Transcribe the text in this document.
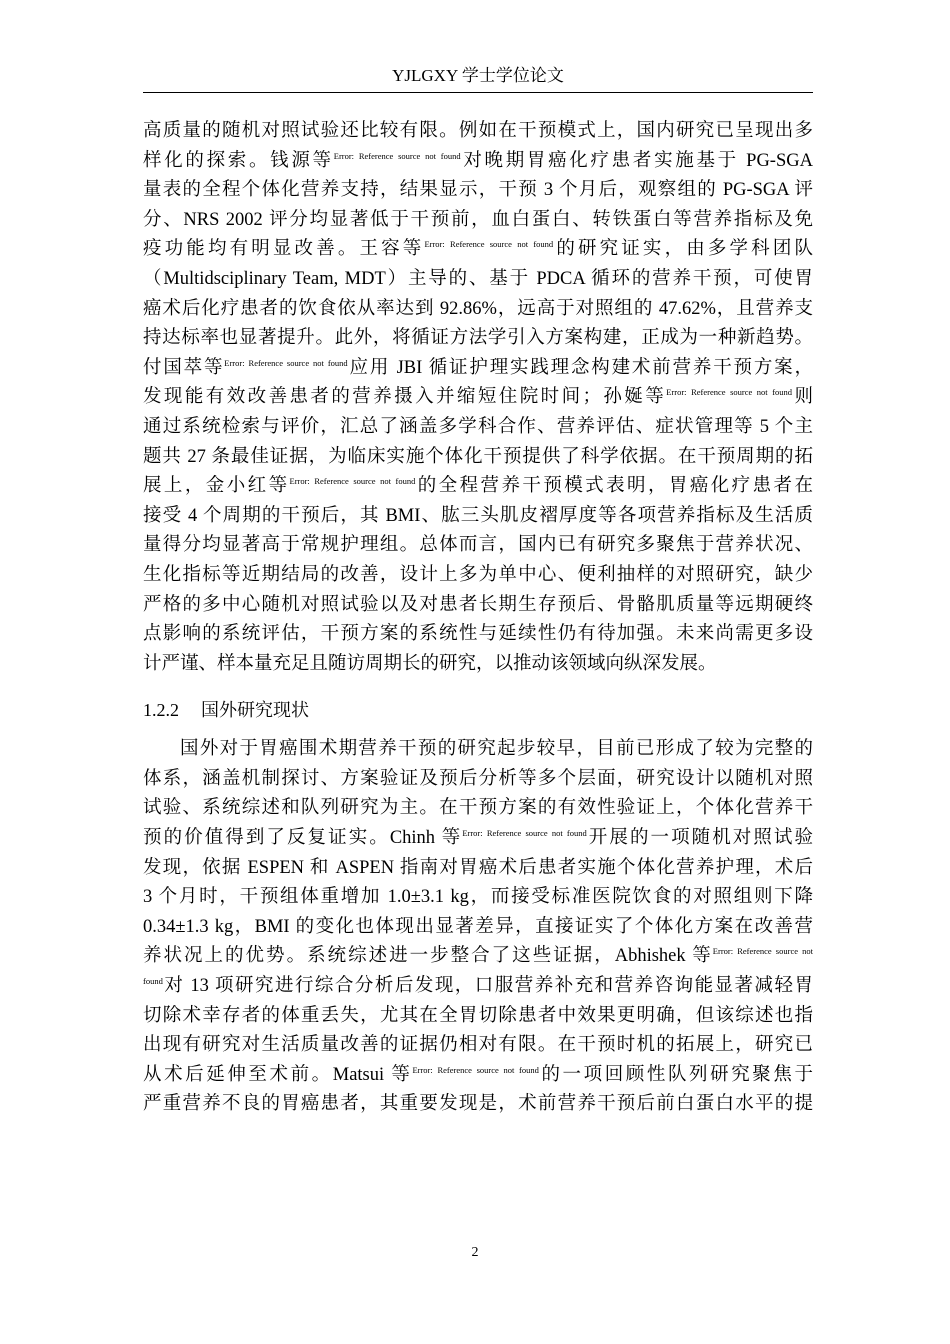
YJLGXY 学士学位论文
高质量的随机对照试验还比较有限。例如在干预模式上，国内研究已呈现出多
样化的探索。钱源等$^{Error: Reference source not found}$对晚期胃癌化疗患者实施基于 PG-SGA
量表的全程个体化营养支持，结果显示，干预 3 个月后，观察组的 PG-SGA 评
分、NRS 2002 评分均显著低于干预前，血白蛋白、转铁蛋白等营养指标及免
疫功能均有明显改善。王容等$^{Error: Reference source not found}$的研究证实，由多学科团队
（Multidsciplinary Team, MDT）主导的、基于 PDCA 循环的营养干预，可使胃
癌术后化疗患者的饮食依从率达到 92.86%，远高于对照组的 47.62%，且营养支
持达标率也显著提升。此外，将循证方法学引入方案构建，正成为一种新趋势。
付国萃等$^{Error: Reference source not found}$应用 JBI 循证护理实践理念构建术前营养干预方案，
发现能有效改善患者的营养摄入并缩短住院时间；孙娫等$^{Error: Reference source not found}$则
通过系统检索与评价，汇总了涵盖多学科合作、营养评估、症状管理等 5 个主
题共 27 条最佳证据，为临床实施个体化干预提供了科学依据。在干预周期的拓
展上，金小红等$^{Error: Reference source not found}$的全程营养干预模式表明，胃癌化疗患者在
接受 4 个周期的干预后，其 BMI、肱三头肌皮褶厚度等各项营养指标及生活质
量得分均显著高于常规护理组。总体而言，国内已有研究多聚焦于营养状况、
生化指标等近期结局的改善，设计上多为单中心、便利抽样的对照研究，缺少
严格的多中心随机对照试验以及对患者长期生存预后、骨骼肌质量等远期硬终
点影响的系统评估，干预方案的系统性与延续性仍有待加强。未来尚需更多设
计严谨、样本量充足且随访周期长的研究，以推动该领域向纵深发展。
1.2.2 国外研究现状
国外对于胃癌围术期营养干预的研究起步较早，目前已形成了较为完整的
体系，涵盖机制探讨、方案验证及预后分析等多个层面，研究设计以随机对照
试验、系统综述和队列研究为主。在干预方案的有效性验证上，个体化营养干
预的价值得到了反复证实。Chinh 等$^{Error: Reference source not found}$开展的一项随机对照试验
发现，依据 ESPEN 和 ASPEN 指南对胃癌术后患者实施个体化营养护理，术后
3 个月时，干预组体重增加 1.0±3.1 kg，而接受标准医院饮食的对照组则下降
0.34±1.3 kg，BMI 的变化也体现出显著差异，直接证实了个体化方案在改善营
养状况上的优势。系统综述进一步整合了这些证据，Abhishek 等$^{Error: Reference source not}$
$^{found}$对 13 项研究进行综合分析后发现，口服营养补充和营养咨询能显著减轻胃
切除术幸存者的体重丢失，尤其在全胃切除患者中效果更明确，但该综述也指
出现有研究对生活质量改善的证据仍相对有限。在干预时机的拓展上，研究已
从术后延伸至术前。Matsui 等$^{Error: Reference source not found}$的一项回顾性队列研究聚焦于
严重营养不良的胃癌患者，其重要发现是，术前营养干预后前白蛋白水平的提
2
